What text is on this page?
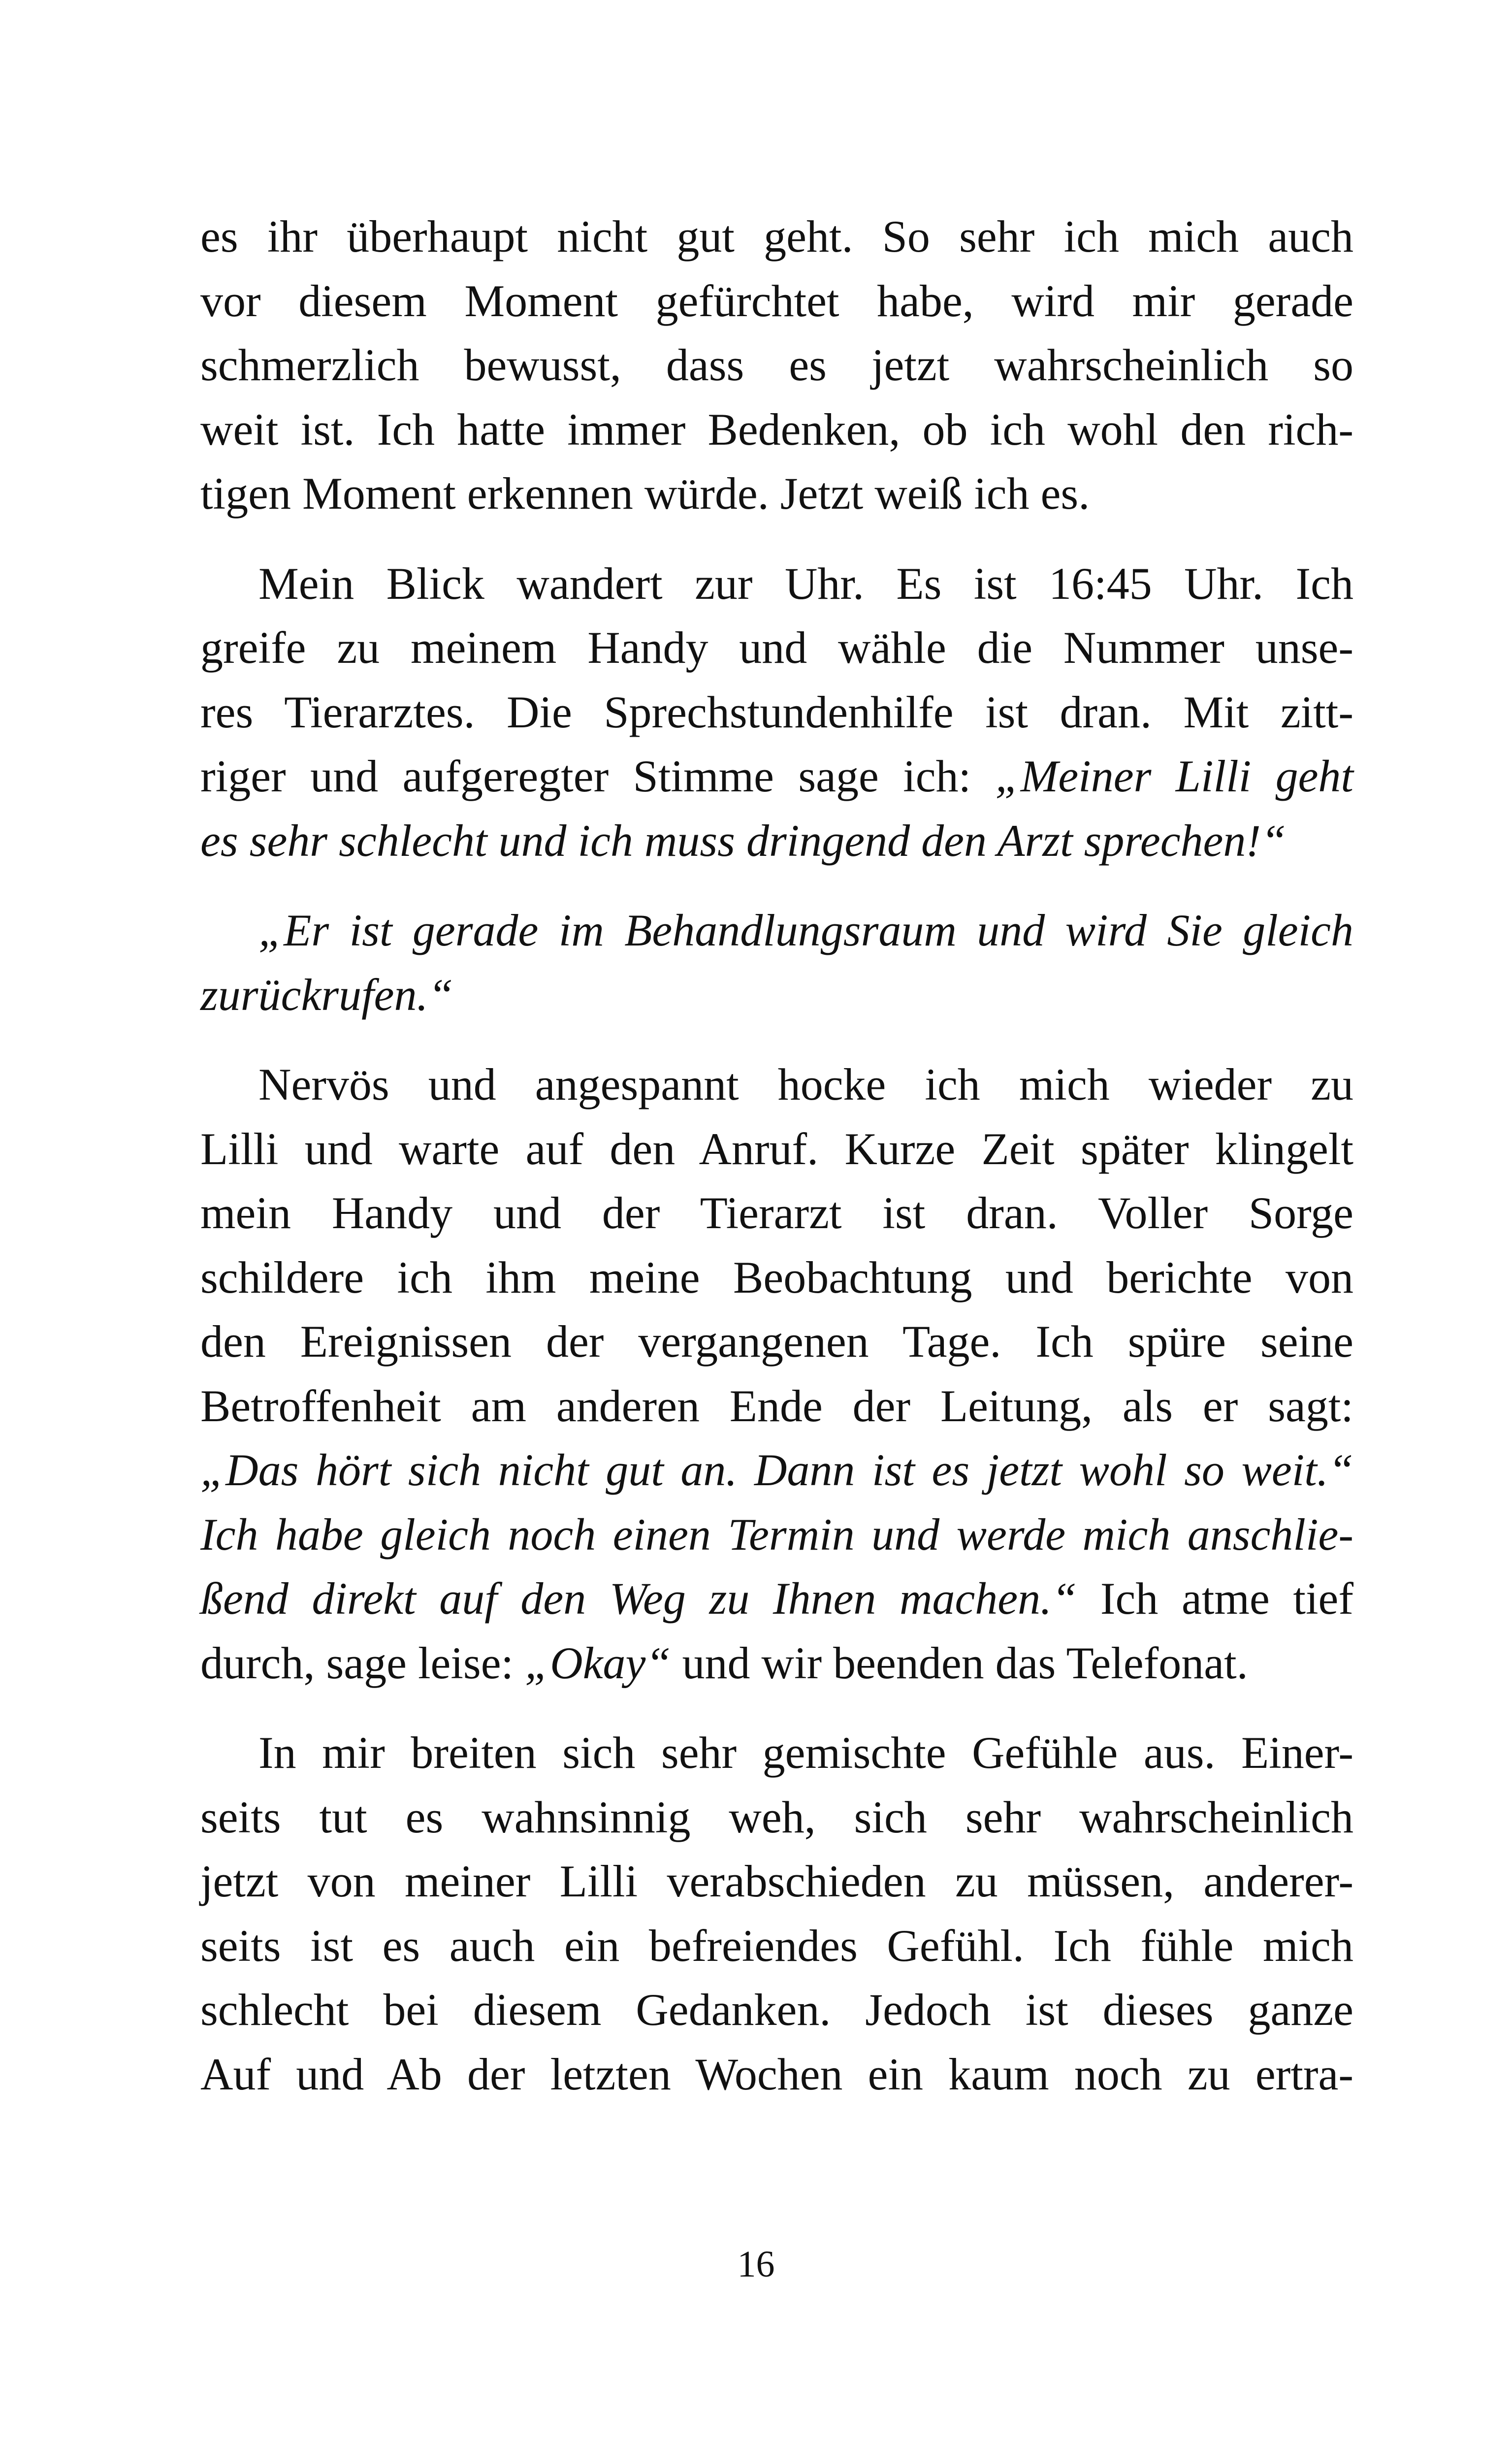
es ihr überhaupt nicht gut geht. So sehr ich mich auch
vor diesem Moment gefürchtet habe, wird mir gerade
schmerzlich bewusst, dass es jetzt wahrscheinlich so
weit ist. Ich hatte immer Bedenken, ob ich wohl den rich-
tigen Moment erkennen würde. Jetzt weiß ich es.
Mein Blick wandert zur Uhr. Es ist 16:45 Uhr. Ich
greife zu meinem Handy und wähle die Nummer unse-
res Tierarztes. Die Sprechstundenhilfe ist dran. Mit zitt-
riger und aufgeregter Stimme sage ich: „Meiner Lilli geht
es sehr schlecht und ich muss dringend den Arzt sprechen!“
„Er ist gerade im Behandlungsraum und wird Sie gleich
zurückrufen.“
Nervös und angespannt hocke ich mich wieder zu
Lilli und warte auf den Anruf. Kurze Zeit später klingelt
mein Handy und der Tierarzt ist dran. Voller Sorge
schildere ich ihm meine Beobachtung und berichte von
den Ereignissen der vergangenen Tage. Ich spüre seine
Betroffenheit am anderen Ende der Leitung, als er sagt:
„Das hört sich nicht gut an. Dann ist es jetzt wohl so weit.“
Ich habe gleich noch einen Termin und werde mich anschlie-
ßend direkt auf den Weg zu Ihnen machen.“ Ich atme tief
durch, sage leise: „Okay“ und wir beenden das Telefonat.
In mir breiten sich sehr gemischte Gefühle aus. Einer-
seits tut es wahnsinnig weh, sich sehr wahrscheinlich
jetzt von meiner Lilli verabschieden zu müssen, anderer-
seits ist es auch ein befreiendes Gefühl. Ich fühle mich
schlecht bei diesem Gedanken. Jedoch ist dieses ganze
Auf und Ab der letzten Wochen ein kaum noch zu ertra-
16
